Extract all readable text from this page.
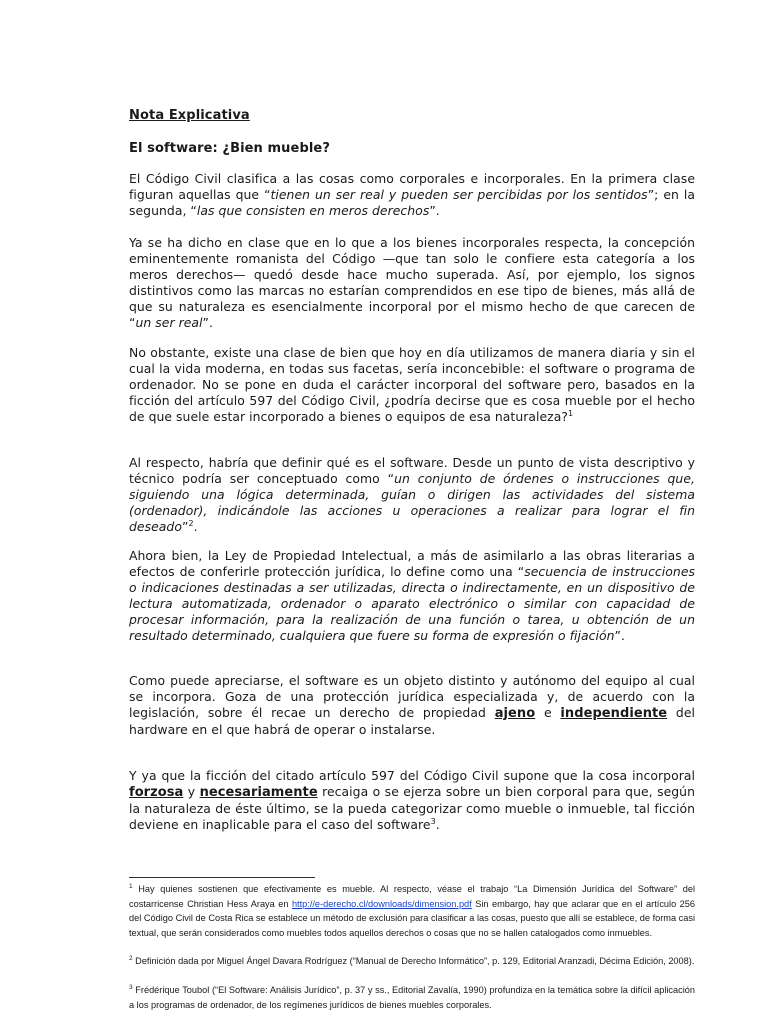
Nota Explicativa
El software: ¿Bien mueble?

El Código Civil clasifica a las cosas como corporales e incorporales. En la primera clase figuran aquellas que “tienen un ser real y pueden ser percibidas por los sentidos”; en la segunda, “las que consisten en meros derechos”.

Ya se ha dicho en clase que en lo que a los bienes incorporales respecta, la concepción eminentemente romanista del Código —que tan solo le confiere esta categoría a los meros derechos— quedó desde hace mucho superada. Así, por ejemplo, los signos distintivos como las marcas no estarían comprendidos en ese tipo de bienes, más allá de que su naturaleza es esencialmente incorporal por el mismo hecho de que carecen de “un ser real”.

No obstante, existe una clase de bien que hoy en día utilizamos de manera diaria y sin el cual la vida moderna, en todas sus facetas, sería inconcebible: el software o programa de ordenador. No se pone en duda el carácter incorporal del software pero, basados en la ficción del artículo 597 del Código Civil, ¿podría decirse que es cosa mueble por el hecho de que suele estar incorporado a bienes o equipos de esa naturaleza?$^1$

Al respecto, habría que definir qué es el software. Desde un punto de vista descriptivo y técnico podría ser conceptuado como “un conjunto de órdenes o instrucciones que, siguiendo una lógica determinada, guían o dirigen las actividades del sistema (ordenador), indicándole las acciones u operaciones a realizar para lograr el fin deseado”$^2$.

Ahora bien, la Ley de Propiedad Intelectual, a más de asimilarlo a las obras literarias a efectos de conferirle protección jurídica, lo define como una “secuencia de instrucciones o indicaciones destinadas a ser utilizadas, directa o indirectamente, en un dispositivo de lectura automatizada, ordenador o aparato electrónico o similar con capacidad de procesar información, para la realización de una función o tarea, u obtención de un resultado determinado, cualquiera que fuere su forma de expresión o fijación”.

Como puede apreciarse, el software es un objeto distinto y autónomo del equipo al cual se incorpora. Goza de una protección jurídica especializada y, de acuerdo con la legislación, sobre él recae un derecho de propiedad ajeno e independiente del hardware en el que habrá de operar o instalarse.

Y ya que la ficción del citado artículo 597 del Código Civil supone que la cosa incorporal forzosa y necesariamente recaiga o se ejerza sobre un bien corporal para que, según la naturaleza de éste último, se la pueda categorizar como mueble o inmueble, tal ficción deviene en inaplicable para el caso del software$^3$.

$^1$ Hay quienes sostienen que efectivamente es mueble. Al respecto, véase el trabajo “La Dimensión Jurídica del Software” del costarricense Christian Hess Araya en http://e-derecho.cl/downloads/dimension.pdf Sin embargo, hay que aclarar que en el artículo 256 del Código Civil de Costa Rica se establece un método de exclusión para clasificar a las cosas, puesto que allí se establece, de forma casi textual, que serán considerados como muebles todos aquellos derechos o cosas que no se hallen catalogados como inmuebles.
$^2$ Definición dada por Miguel Ángel Davara Rodríguez (“Manual de Derecho Informático”, p. 129, Editorial Aranzadi, Décima Edición, 2008).
$^3$ Frédérique Toubol (“El Software: Análisis Jurídico”, p. 37 y ss., Editorial Zavalía, 1990) profundiza en la temática sobre la difícil aplicación a los programas de ordenador, de los regímenes jurídicos de bienes muebles corporales.
